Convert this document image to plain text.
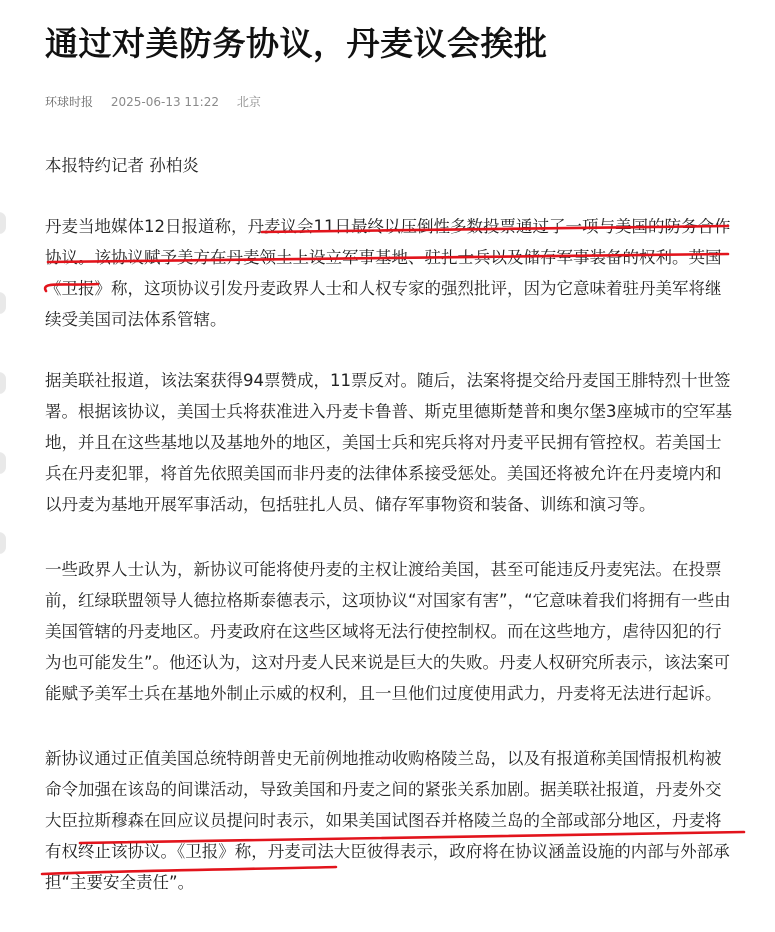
通过对美防务协议，丹麦议会挨批
环球时报 2025-06-13 11:22 北京

本报特约记者 孙柏炎

丹麦当地媒体12日报道称，丹麦议会11日最终以压倒性多数投票通过了一项与美国的防务合作协议。该协议赋予美方在丹麦领土上设立军事基地、驻扎士兵以及储存军事装备的权利。英国《卫报》称，这项协议引发丹麦政界人士和人权专家的强烈批评，因为它意味着驻丹美军将继续受美国司法体系管辖。

据美联社报道，该法案获得94票赞成，11票反对。随后，法案将提交给丹麦国王腓特烈十世签署。根据该协议，美国士兵将获准进入丹麦卡鲁普、斯克里德斯楚普和奥尔堡3座城市的空军基地，并且在这些基地以及基地外的地区，美国士兵和宪兵将对丹麦平民拥有管控权。若美国士兵在丹麦犯罪，将首先依照美国而非丹麦的法律体系接受惩处。美国还将被允许在丹麦境内和以丹麦为基地开展军事活动，包括驻扎人员、储存军事物资和装备、训练和演习等。

一些政界人士认为，新协议可能将使丹麦的主权让渡给美国，甚至可能违反丹麦宪法。在投票前，红绿联盟领导人德拉格斯泰德表示，这项协议“对国家有害”，“它意味着我们将拥有一些由美国管辖的丹麦地区。丹麦政府在这些区域将无法行使控制权。而在这些地方，虐待囚犯的行为也可能发生”。他还认为，这对丹麦人民来说是巨大的失败。丹麦人权研究所表示，该法案可能赋予美军士兵在基地外制止示威的权利，且一旦他们过度使用武力，丹麦将无法进行起诉。

新协议通过正值美国总统特朗普史无前例地推动收购格陵兰岛，以及有报道称美国情报机构被命令加强在该岛的间谍活动，导致美国和丹麦之间的紧张关系加剧。据美联社报道，丹麦外交大臣拉斯穆森在回应议员提问时表示，如果美国试图吞并格陵兰岛的全部或部分地区，丹麦将有权终止该协议。《卫报》称，丹麦司法大臣彼得表示，政府将在协议涵盖设施的内部与外部承担“主要安全责任”。
